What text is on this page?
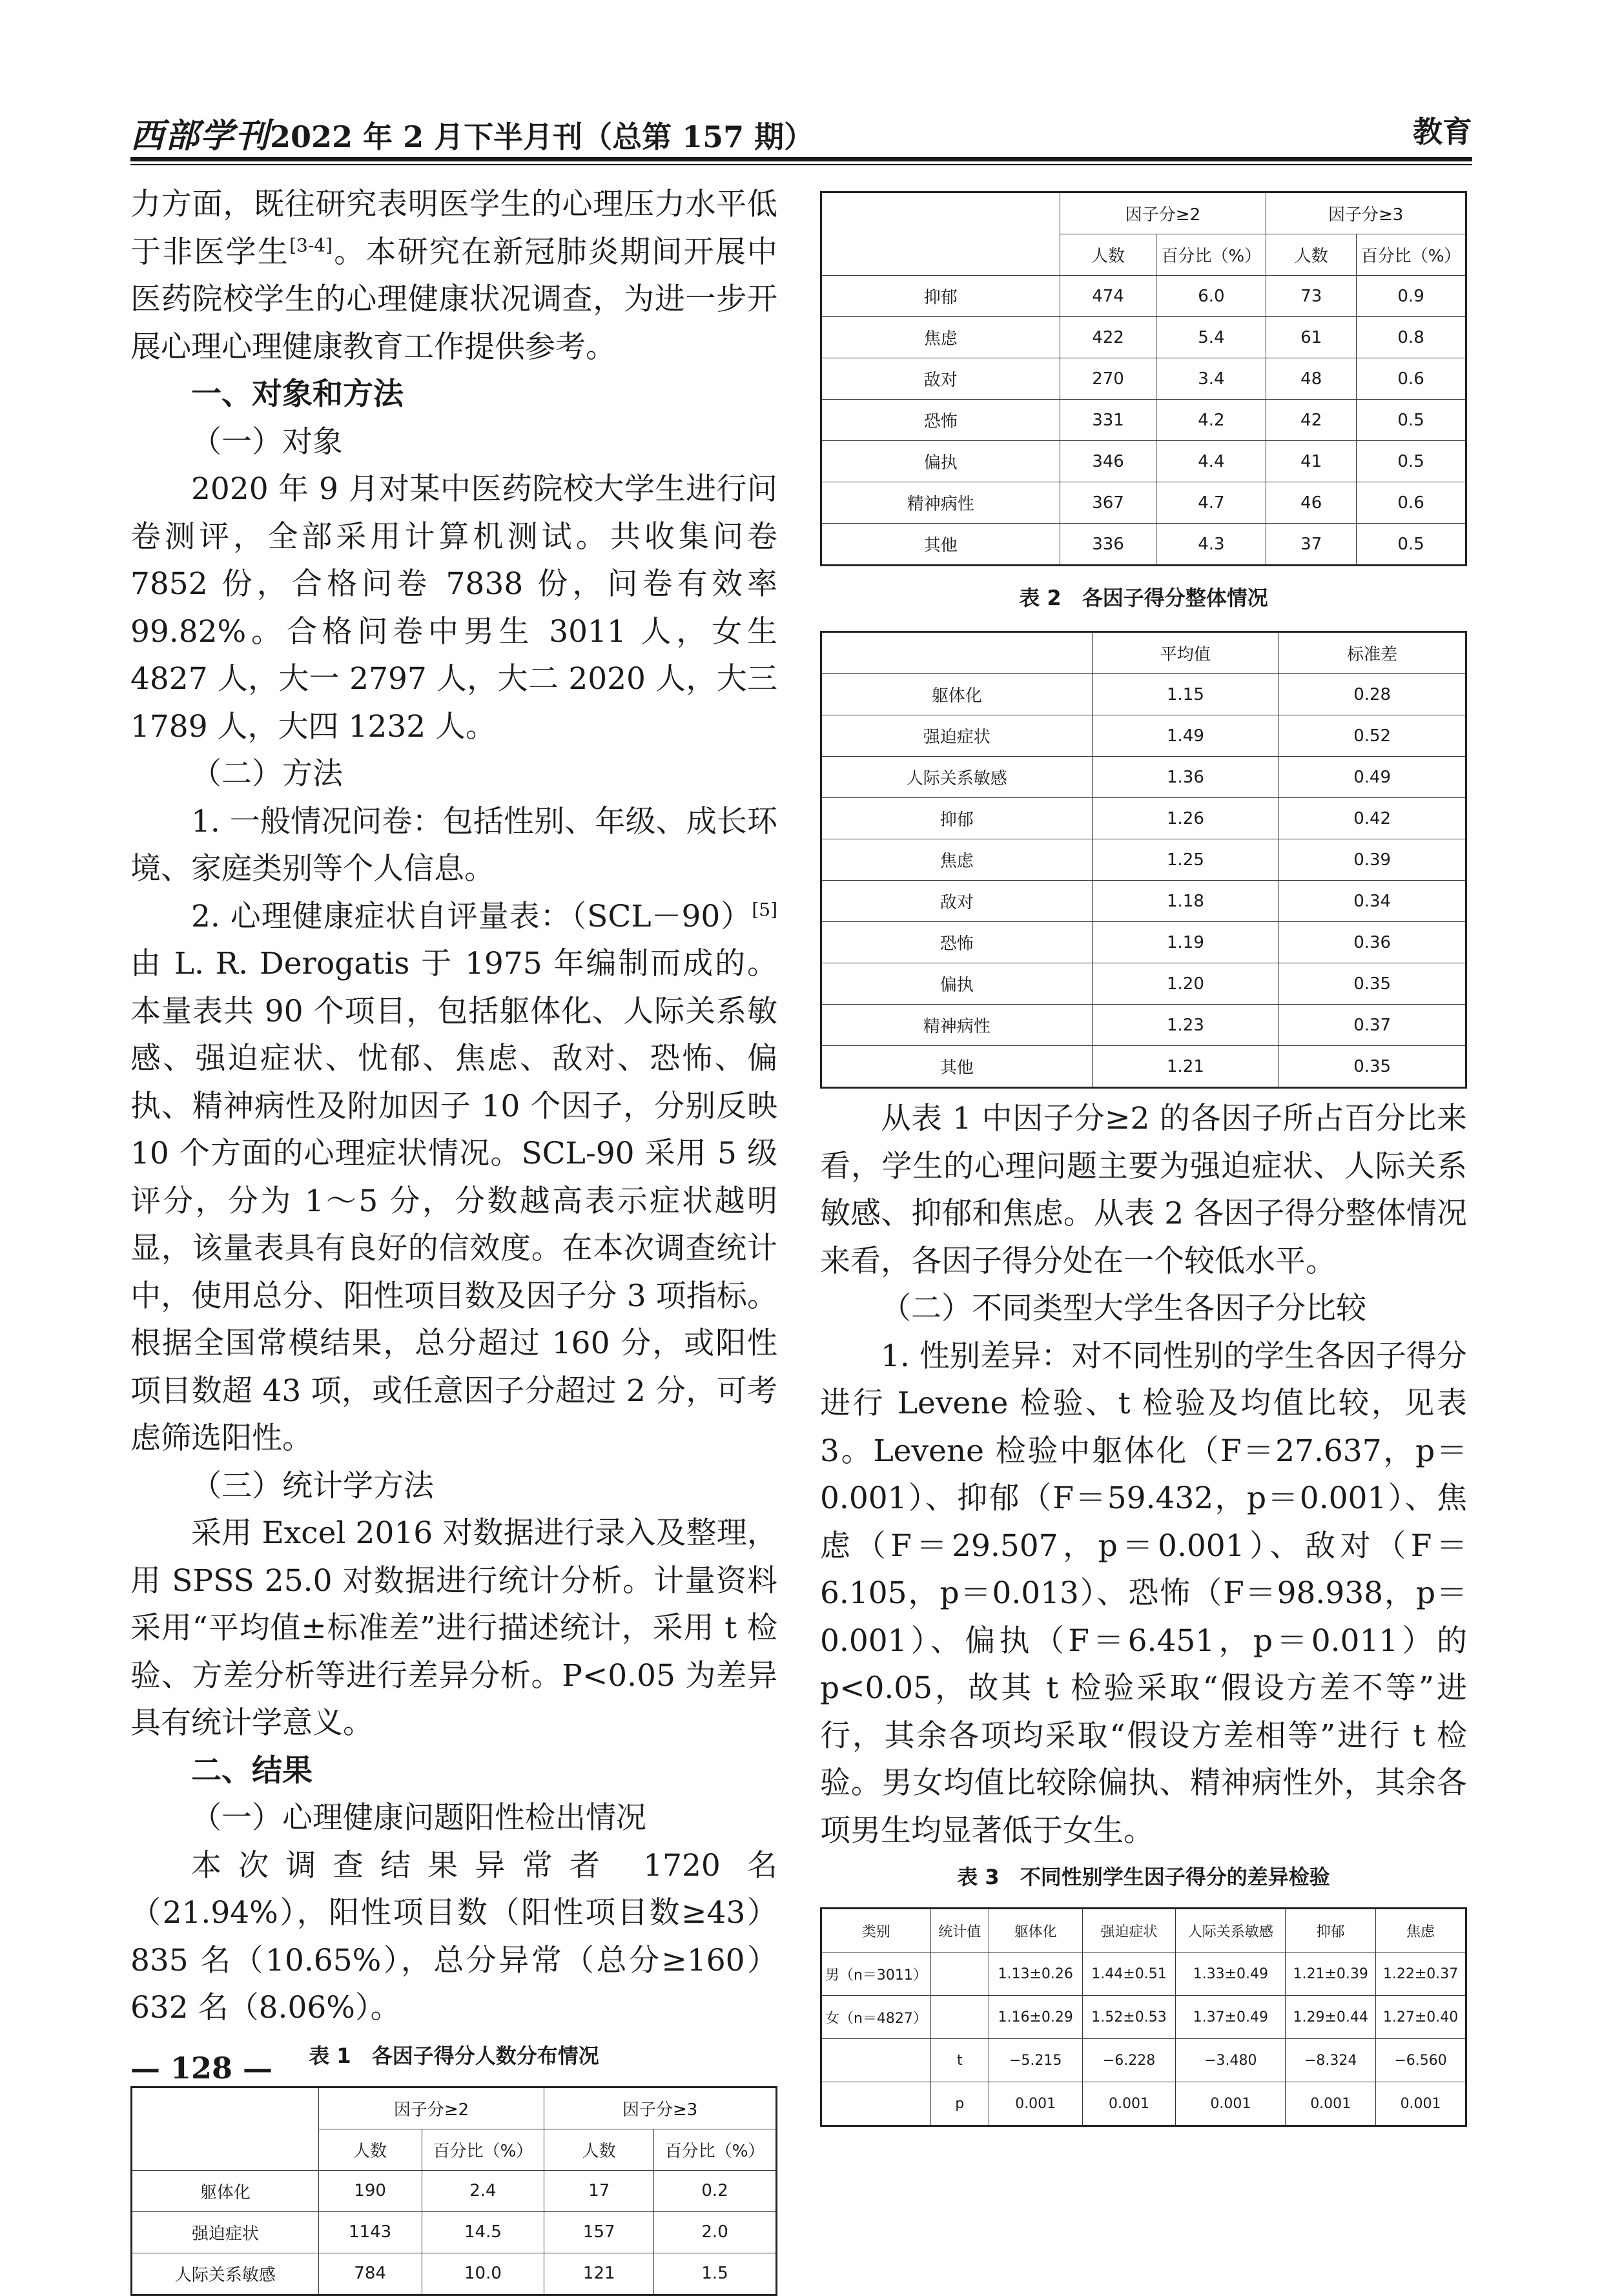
西部学刊2022 年 2 月下半月刊（总第 157 期）	教育

力方面，既往研究表明医学生的心理压力水平低于非医学生[3-4]。本研究在新冠肺炎期间开展中医药院校学生的心理健康状况调查，为进一步开展心理心理健康教育工作提供参考。

一、对象和方法

（一）对象

2020 年 9 月对某中医药院校大学生进行问卷测评，全部采用计算机测试。共收集问卷 7852 份，合格问卷 7838 份，问卷有效率 99.82%。合格问卷中男生 3011 人，女生 4827 人，大一 2797 人，大二 2020 人，大三 1789 人，大四 1232 人。

（二）方法

1. 一般情况问卷：包括性别、年级、成长环境、家庭类别等个人信息。

2. 心理健康症状自评量表：（SCL－90）[5] 由 L. R. Derogatis 于 1975 年编制而成的。本量表共 90 个项目，包括躯体化、人际关系敏感、强迫症状、忧郁、焦虑、敌对、恐怖、偏执、精神病性及附加因子 10 个因子，分别反映 10 个方面的心理症状情况。SCL-90 采用 5 级评分，分为 1～5 分，分数越高表示症状越明显，该量表具有良好的信效度。在本次调查统计中，使用总分、阳性项目数及因子分 3 项指标。根据全国常模结果，总分超过 160 分，或阳性项目数超 43 项，或任意因子分超过 2 分，可考虑筛选阳性。

（三）统计学方法

采用 Excel 2016 对数据进行录入及整理，用 SPSS 25.0 对数据进行统计分析。计量资料采用“平均值±标准差”进行描述统计，采用 t 检验、方差分析等进行差异分析。P<0.05 为差异具有统计学意义。

二、结果

（一）心理健康问题阳性检出情况

本次调查结果异常者 1720 名（21.94%），阳性项目数（阳性项目数≥43）835 名（10.65%），总分异常（总分≥160）632 名（8.06%）。

表 1　各因子得分人数分布情况

	因子分≥2		因子分≥3	
	人数	百分比（%）	人数	百分比（%）
躯体化	190	2.4	17	0.2
强迫症状	1143	14.5	157	2.0
人际关系敏感	784	10.0	121	1.5
	因子分≥2		因子分≥3	
	人数	百分比（%）	人数	百分比（%）
抑郁	474	6.0	73	0.9
焦虑	422	5.4	61	0.8
敌对	270	3.4	48	0.6
恐怖	331	4.2	42	0.5
偏执	346	4.4	41	0.5
精神病性	367	4.7	46	0.6
其他	336	4.3	37	0.5

表 2　各因子得分整体情况

	平均值	标准差
躯体化	1.15	0.28
强迫症状	1.49	0.52
人际关系敏感	1.36	0.49
抑郁	1.26	0.42
焦虑	1.25	0.39
敌对	1.18	0.34
恐怖	1.19	0.36
偏执	1.20	0.35
精神病性	1.23	0.37
其他	1.21	0.35

从表 1 中因子分≥2 的各因子所占百分比来看，学生的心理问题主要为强迫症状、人际关系敏感、抑郁和焦虑。从表 2 各因子得分整体情况来看，各因子得分处在一个较低水平。

（二）不同类型大学生各因子分比较

1. 性别差异：对不同性别的学生各因子得分进行 Levene 检验、t 检验及均值比较，见表 3。Levene 检验中躯体化（F＝27.637，p＝0.001）、抑郁（F＝59.432，p＝0.001）、焦虑（F＝29.507，p＝0.001）、敌对（F＝6.105，p＝0.013）、恐怖（F＝98.938，p＝0.001）、偏执（F＝6.451，p＝0.011）的 p<0.05，故其 t 检验采取“假设方差不等”进行，其余各项均采取“假设方差相等”进行 t 检验。男女均值比较除偏执、精神病性外，其余各项男生均显著低于女生。

表 3　不同性别学生因子得分的差异检验

类别	统计值	躯体化	强迫症状	人际关系敏感	抑郁	焦虑
男（n＝3011）		1.13±0.26	1.44±0.51	1.33±0.49	1.21±0.39	1.22±0.37
女（n＝4827）		1.16±0.29	1.52±0.53	1.37±0.49	1.29±0.44	1.27±0.40
	t	−5.215	−6.228	−3.480	−8.324	−6.560
	p	0.001	0.001	0.001	0.001	0.001
— 128 —
